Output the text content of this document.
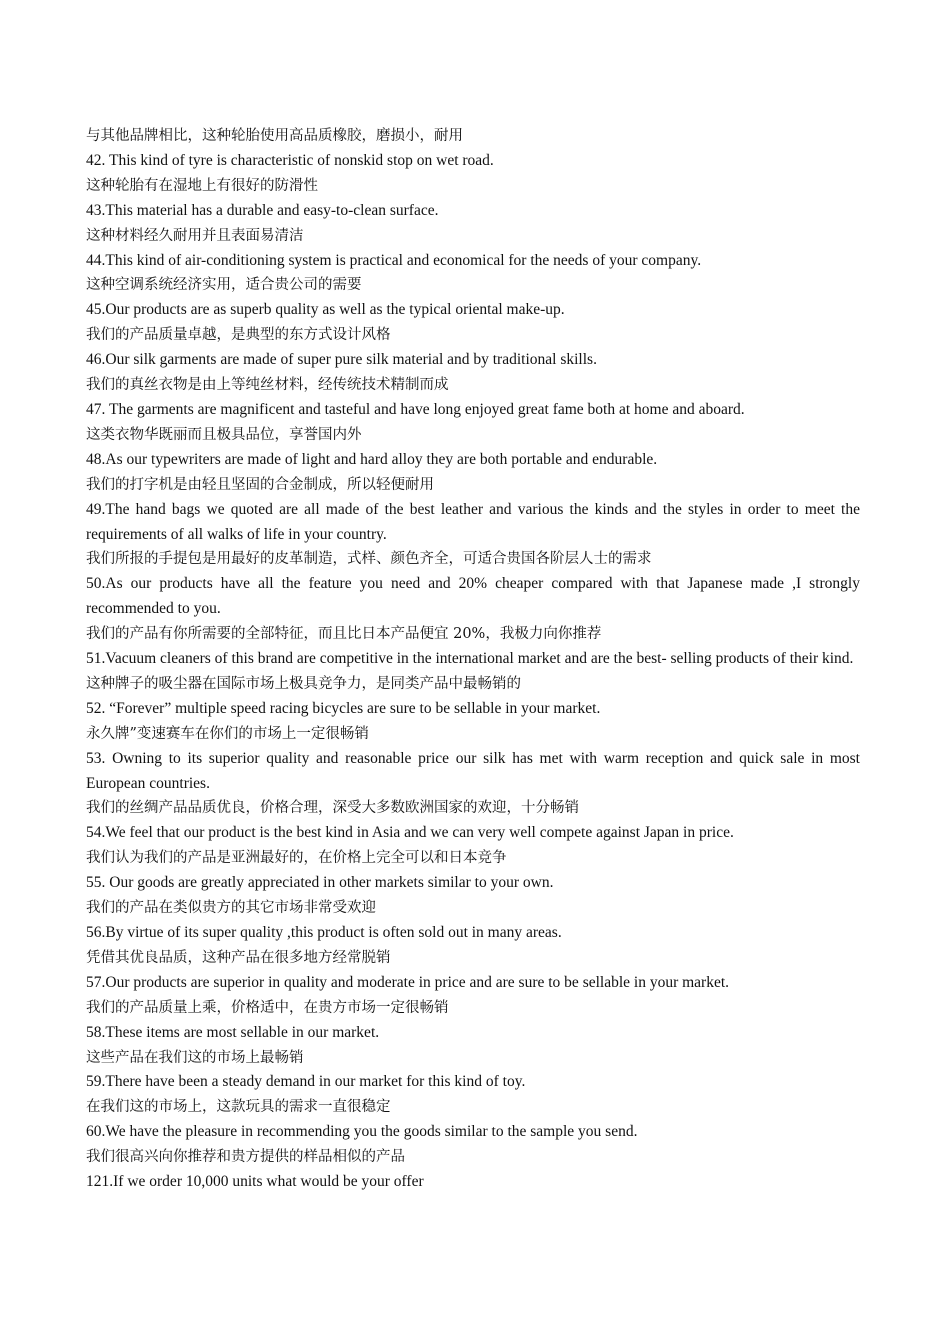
与其他品牌相比，这种轮胎使用高品质橡胶，磨损小，耐用
42. This kind of tyre is characteristic of nonskid stop on wet road.
这种轮胎有在湿地上有很好的防滑性
43.This material has a durable and easy-to-clean surface.
这种材料经久耐用并且表面易清洁
44.This kind of air-conditioning system is practical and economical for the needs of your company.
这种空调系统经济实用，适合贵公司的需要
45.Our products are as superb quality as well as the typical oriental make-up.
我们的产品质量卓越，是典型的东方式设计风格
46.Our silk garments are made of super pure silk material and by traditional skills.
我们的真丝衣物是由上等纯丝材料，经传统技术精制而成
47. The garments are magnificent and tasteful and have long enjoyed great fame both at home and aboard.
这类衣物华既丽而且极具品位，享誉国内外
48.As our typewriters are made of light and hard alloy they are both portable and endurable.
我们的打字机是由轻且坚固的合金制成，所以轻便耐用
49.The hand bags we quoted are all made of the best leather and various the kinds and the styles in order to meet the requirements of all walks of life in your country.
我们所报的手提包是用最好的皮革制造，式样、颜色齐全，可适合贵国各阶层人士的需求
50.As our products have all the feature you need and 20% cheaper compared with that Japanese made ,I strongly recommended to you.
我们的产品有你所需要的全部特征，而且比日本产品便宜 20%，我极力向你推荐
51.Vacuum cleaners of this brand are competitive in the international market and are the best- selling products of their kind.
这种牌子的吸尘器在国际市场上极具竞争力，是同类产品中最畅销的
52. “Forever” multiple speed racing bicycles are sure to be sellable in your market.
永久牌”变速赛车在你们的市场上一定很畅销
53. Owning to its superior quality and reasonable price our silk has met with warm reception and quick sale in most European countries.
我们的丝绸产品品质优良，价格合理，深受大多数欧洲国家的欢迎，十分畅销
54.We feel that our product is the best kind in Asia and we can very well compete against Japan in price.
我们认为我们的产品是亚洲最好的，在价格上完全可以和日本竞争
55. Our goods are greatly appreciated in other markets similar to your own.
我们的产品在类似贵方的其它市场非常受欢迎
56.By virtue of its super quality ,this product is often sold out in many areas.
凭借其优良品质，这种产品在很多地方经常脱销
57.Our products are superior in quality and moderate in price and are sure to be sellable in your market.
我们的产品质量上乘，价格适中，在贵方市场一定很畅销
58.These items are most sellable in our market.
这些产品在我们这的市场上最畅销
59.There have been a steady demand in our market for this kind of toy.
在我们这的市场上，这款玩具的需求一直很稳定
60.We have the pleasure in recommending you the goods similar to the sample you send.
我们很高兴向你推荐和贵方提供的样品相似的产品
121.If we order 10,000 units what would be your offer
